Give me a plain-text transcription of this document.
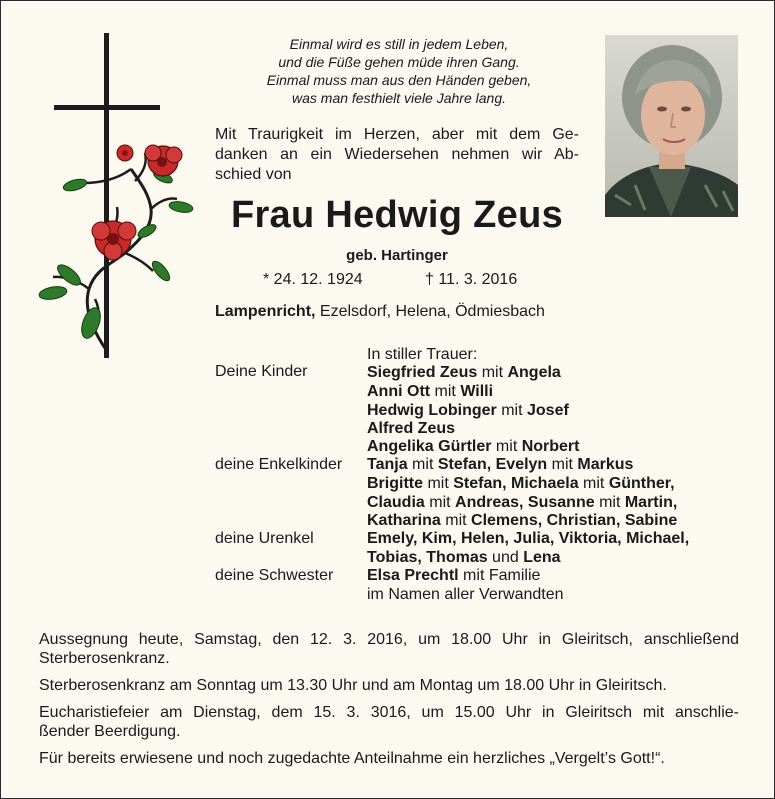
Einmal wird es still in jedem Leben,
und die Füße gehen müde ihren Gang.
Einmal muss man aus den Händen geben,
was man festhielt viele Jahre lang.
Mit Traurigkeit im Herzen, aber mit dem Ge-
danken an ein Wiedersehen nehmen wir Ab-
schied von
Frau Hedwig Zeus
geb. Hartinger
* 24. 12. 1924	† 11. 3. 2016
Lampenricht, Ezelsdorf, Helena, Ödmiesbach
In stiller Trauer:
Deine Kinder	Siegfried Zeus mit Angela
Anni Ott mit Willi
Hedwig Lobinger mit Josef
Alfred Zeus
Angelika Gürtler mit Norbert
deine Enkelkinder Tanja mit Stefan, Evelyn mit Markus
Brigitte mit Stefan, Michaela mit Günther,
Claudia mit Andreas, Susanne mit Martin,
Katharina mit Clemens, Christian, Sabine
deine Urenkel	Emely, Kim, Helen, Julia, Viktoria, Michael,
Tobias, Thomas und Lena
deine Schwester Elsa Prechtl mit Familie
im Namen aller Verwandten
Aussegnung heute, Samstag, den 12. 3. 2016, um 18.00 Uhr in Gleiritsch, anschließend
Sterberosenkranz.
Sterberosenkranz am Sonntag um 13.30 Uhr und am Montag um 18.00 Uhr in Gleiritsch.
Eucharistiefeier am Dienstag, dem 15. 3. 3016, um 15.00 Uhr in Gleiritsch mit anschlie-
ßender Beerdigung.
Für bereits erwiesene und noch zugedachte Anteilnahme ein herzliches „Vergelt’s Gott!“.
